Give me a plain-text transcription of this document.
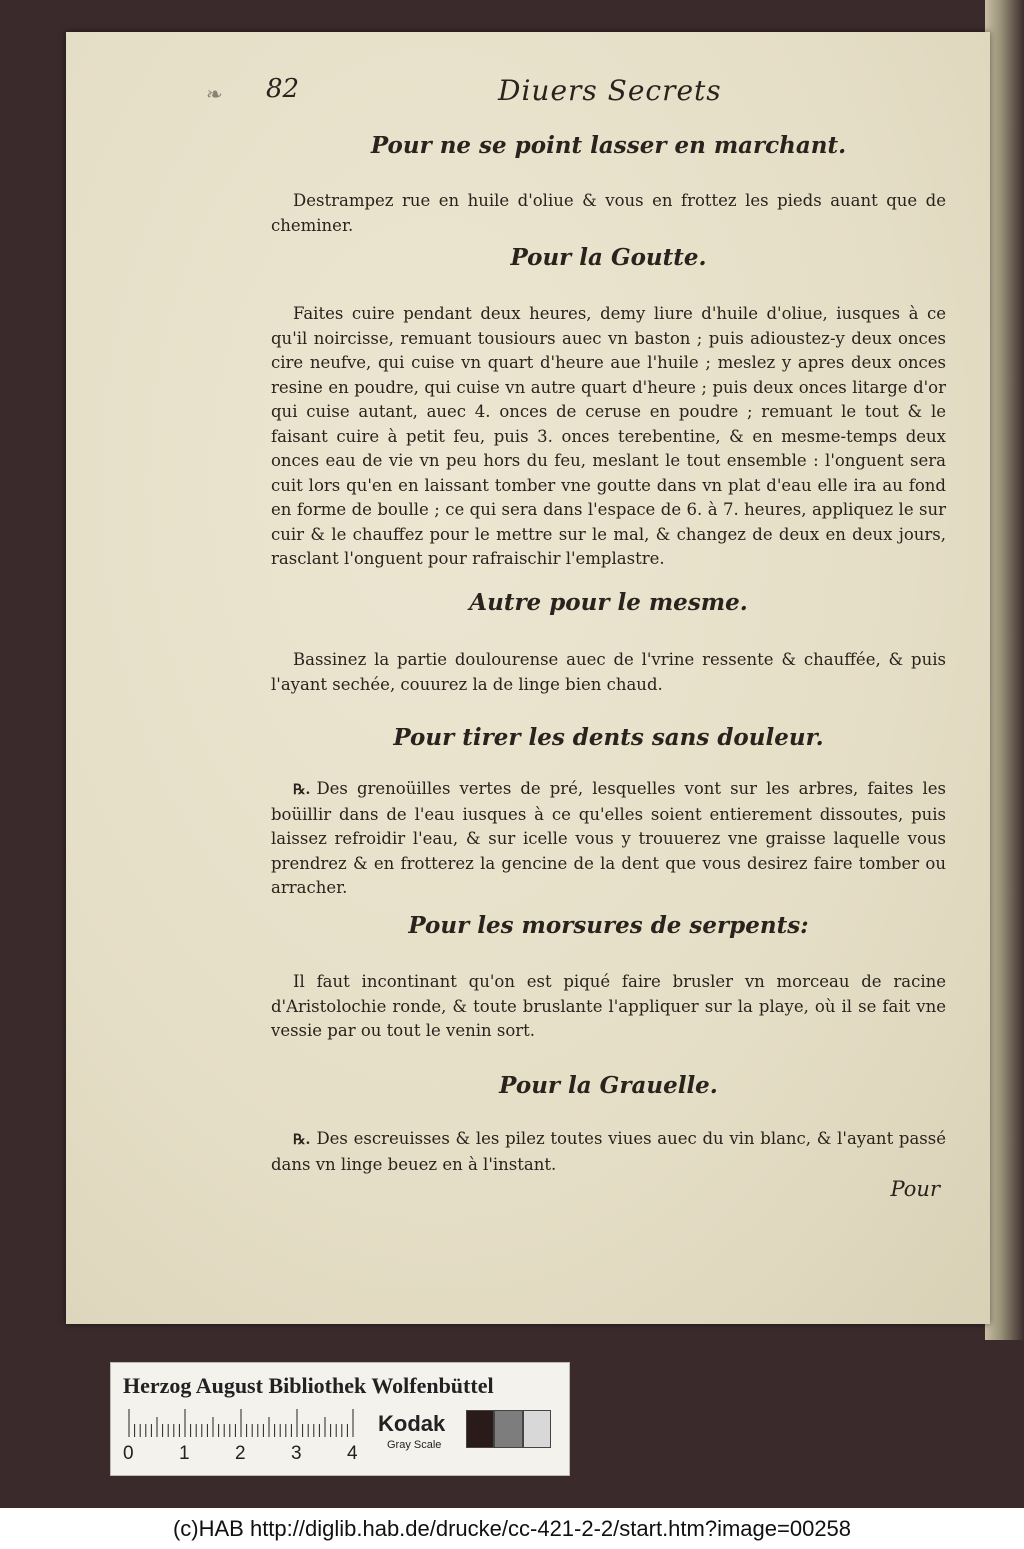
❧ 82	Diuers Secrets
Pour ne se point lasser en marchant.

Destrampez rue en huile d'oliue & vous en frottez les pieds auant que de cheminer.

Pour la Goutte.

Faites cuire pendant deux heures, demy liure d'huile d'oliue, iusques à ce qu'il noircisse, remuant tousiours auec vn baston ; puis adioustez-y deux onces cire neufve, qui cuise vn quart d'heure aue l'huile ; meslez y apres deux onces resine en poudre, qui cuise vn autre quart d'heure ; puis deux onces litarge d'or qui cuise autant, auec 4. onces de ceruse en poudre ; remuant le tout & le faisant cuire à petit feu, puis 3. onces terebentine, & en mesme-temps deux onces eau de vie vn peu hors du feu, meslant le tout ensemble : l'onguent sera cuit lors qu'en en laissant tomber vne goutte dans vn plat d'eau elle ira au fond en forme de boulle ; ce qui sera dans l'espace de 6. à 7. heures, appliquez le sur cuir & le chauffez pour le mettre sur le mal, & changez de deux en deux jours, rasclant l'onguent pour rafraischir l'emplastre.

Autre pour le mesme.

Bassinez la partie doulourense auec de l'vrine ressente & chauffée, & puis l'ayant sechée, couurez la de linge bien chaud.

Pour tirer les dents sans douleur.

℞. Des grenoüilles vertes de pré, lesquelles vont sur les arbres, faites les boüillir dans de l'eau iusques à ce qu'elles soient entierement dissoutes, puis laissez refroidir l'eau, & sur icelle vous y trouuerez vne graisse laquelle vous prendrez & en frotterez la gencine de la dent que vous desirez faire tomber ou arracher.

Pour les morsures de serpents:

Il faut incontinant qu'on est piqué faire brusler vn morceau de racine d'Aristolochie ronde, & toute bruslante l'appliquer sur la playe, où il se fait vne vessie par ou tout le venin sort.

Pour la Grauelle.

℞. Des escreuisses & les pilez toutes viues auec du vin blanc, & l'ayant passé dans vn linge beuez en à l'instant.

Pour
Herzog August Bibliothek Wolfenbüttel
0 1 2 3 4
Kodak
Gray Scale
(c)HAB http://diglib.hab.de/drucke/cc-421-2-2/start.htm?image=00258
